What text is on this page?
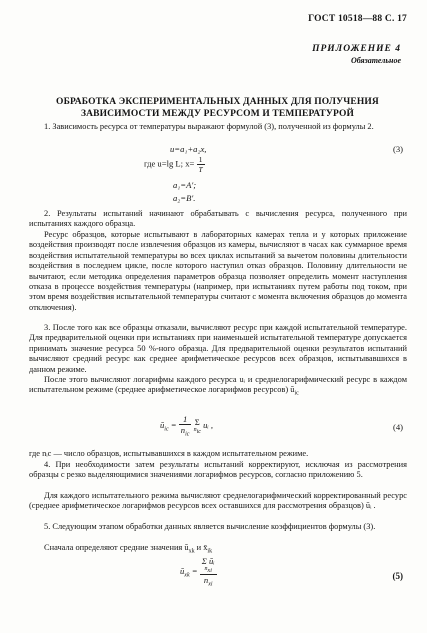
ГОСТ 10518—88 С. 17
ПРИЛОЖЕНИЕ 4
Обязательное
ОБРАБОТКА ЭКСПЕРИМЕНТАЛЬНЫХ ДАННЫХ ДЛЯ ПОЛУЧЕНИЯ
ЗАВИСИМОСТИ МЕЖДУ РЕСУРСОМ И ТЕМПЕРАТУРОЙ

1. Зависимость ресурса от температуры выражают формулой (3), полученной из формулы 2.

u=a₁+a₂x,	(3)
где u=lg L; $x= \frac{1}{T}$
a₁=A′;
a₂=B′.

2. Результаты испытаний начинают обрабатывать с вычисления ресурса, полученного при испытаниях каждого образца.

Ресурс образцов, которые испытывают в лабораторных камерах тепла и у которых приложение воздействия производят после извлечения образцов из камеры, вычисляют в часах как суммарное время воздействия испытательной температуры во всех циклах испытаний за вычетом половины длительности воздействия в последнем цикле, после которого наступил отказ образцов. Половину длительности не вычитают, если методика определения параметров образца позволяет определить момент наступления отказа в процессе воздействия температуры (например, при испытаниях путем работы под током, при этом время воздействия испытательной температуры считают с момента включения образцов до момента отключения).

3. После того как все образцы отказали, вычисляют ресурс при каждой испытательной температуре. Для предварительной оценки при испытаниях при наименьшей испытательной температуре допускается принимать значение ресурса 50 %-ного образца. Для предварительной оценки результатов испытаний вычисляют средний ресурс как среднее арифметическое ресурсов всех образцов, испытывавшихся в данном режиме.

После этого вычисляют логарифмы каждого ресурса uᵢ и среднелогарифмический ресурс в каждом испытательном режиме (среднее арифметическое логарифмов ресурсов) $ū_{ic}$

$ū_{ic} = \frac{1}{n_{ic}}$
Σ
$n_{ic}$
uᵢ ,	(4)

где nᵢc — число образцов, испытывавшихся в каждом испытательном режиме.

4. При необходимости затем результаты испытаний корректируют, исключая из рассмотрения образцы с резко выделяющимися значениями логарифмов ресурсов, согласно приложению 5.

Для каждого испытательного режима вычисляют среднелогарифмический корректированный ресурс (среднее арифметическое логарифмов ресурсов всех оставшихся для рассмотрения образцов) ūᵢ .

5. Следующим этапом обработки данных является вычисление коэффициентов формулы (3).

Сначала определяют средние значения $ū_{xk}$ и $x̄_{ik}$

$ū_{xk} = \Sigma$ ūᵢ
$n_{xi}$
$n_{xi}$	(5)
